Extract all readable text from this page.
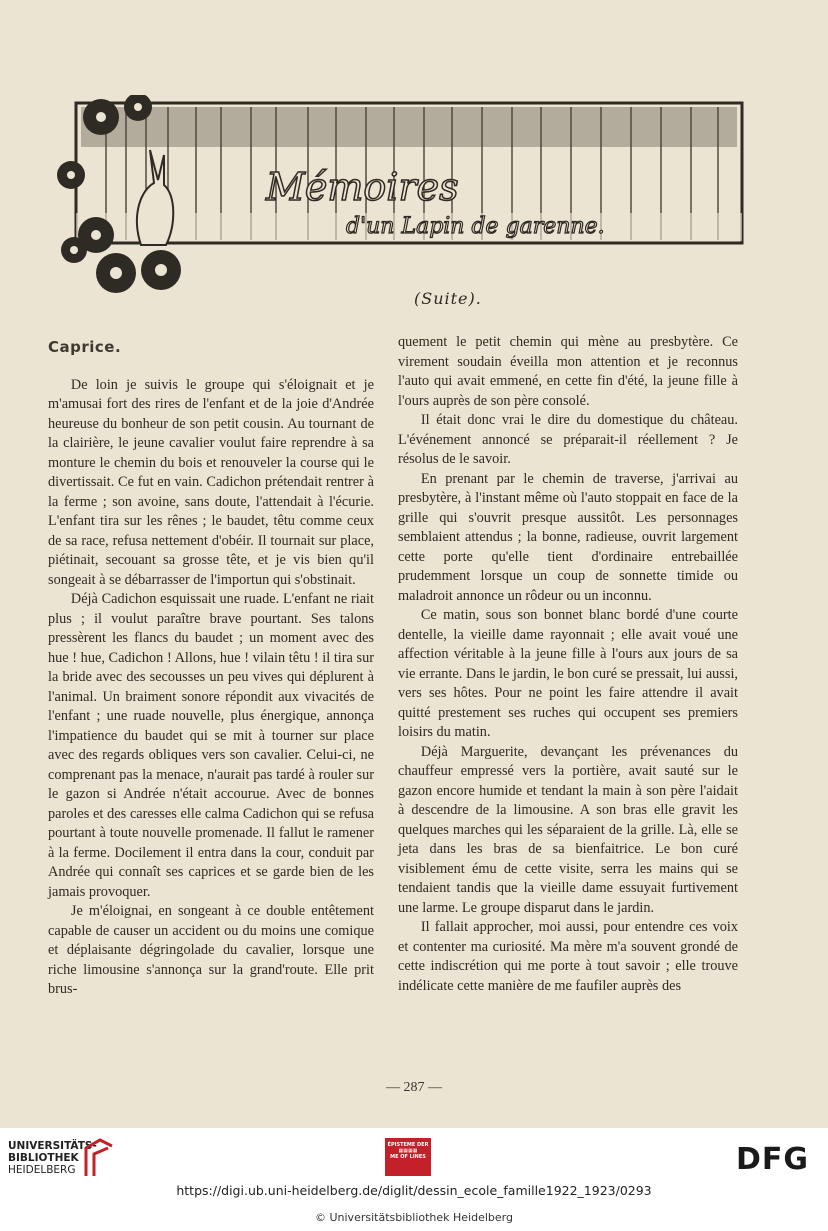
Mémoires
d'un Lapin de garenne.
(Suite).
Caprice.

De loin je suivis le groupe qui s'éloignait et je m'amusai fort des rires de l'enfant et de la joie d'Andrée heureuse du bonheur de son petit cousin. Au tournant de la clairière, le jeune cavalier voulut faire reprendre à sa monture le chemin du bois et renouveler la course qui le divertissait. Ce fut en vain. Cadichon prétendait rentrer à la ferme ; son avoine, sans doute, l'attendait à l'écurie. L'enfant tira sur les rênes ; le baudet, têtu comme ceux de sa race, refusa nettement d'obéir. Il tournait sur place, piétinait, secouant sa grosse tête, et je vis bien qu'il songeait à se débarrasser de l'importun qui s'obstinait.

Déjà Cadichon esquissait une ruade. L'enfant ne riait plus ; il voulut paraître brave pourtant. Ses talons pressèrent les flancs du baudet ; un moment avec des hue ! hue, Cadichon ! Allons, hue ! vilain têtu ! il tira sur la bride avec des secousses un peu vives qui déplurent à l'animal. Un braiment sonore répondit aux vivacités de l'enfant ; une ruade nouvelle, plus énergique, annonça l'impatience du baudet qui se mit à tourner sur place avec des regards obliques vers son cavalier. Celui-ci, ne comprenant pas la menace, n'aurait pas tardé à rouler sur le gazon si Andrée n'était accourue. Avec de bonnes paroles et des caresses elle calma Cadichon qui se refusa pourtant à toute nouvelle promenade. Il fallut le ramener à la ferme. Docilement il entra dans la cour, conduit par Andrée qui connaît ses caprices et se garde bien de les jamais provoquer.

Je m'éloignai, en songeant à ce double entêtement capable de causer un accident ou du moins une comique et déplaisante dégringolade du cavalier, lorsque une riche limousine s'annonça sur la grand'route. Elle prit brus-

quement le petit chemin qui mène au presbytère. Ce virement soudain éveilla mon attention et je reconnus l'auto qui avait emmené, en cette fin d'été, la jeune fille à l'ours auprès de son père consolé.

Il était donc vrai le dire du domestique du château. L'événement annoncé se préparait-il réellement ? Je résolus de le savoir.

En prenant par le chemin de traverse, j'arrivai au presbytère, à l'instant même où l'auto stoppait en face de la grille qui s'ouvrit presque aussitôt. Les personnages semblaient attendus ; la bonne, radieuse, ouvrit largement cette porte qu'elle tient d'ordinaire entrebaillée prudemment lorsque un coup de sonnette timide ou maladroit annonce un rôdeur ou un inconnu.

Ce matin, sous son bonnet blanc bordé d'une courte dentelle, la vieille dame rayonnait ; elle avait voué une affection véritable à la jeune fille à l'ours aux jours de sa vie errante. Dans le jardin, le bon curé se pressait, lui aussi, vers ses hôtes. Pour ne point les faire attendre il avait quitté prestement ses ruches qui occupent ses premiers loisirs du matin.

Déjà Marguerite, devançant les prévenances du chauffeur empressé vers la portière, avait sauté sur le gazon encore humide et tendant la main à son père l'aidait à descendre de la limousine. A son bras elle gravit les quelques marches qui les séparaient de la grille. Là, elle se jeta dans les bras de sa bienfaitrice. Le bon curé visiblement ému de cette visite, serra les mains qui se tendaient tandis que la vieille dame essuyait furtivement une larme. Le groupe disparut dans le jardin.

Il fallait approcher, moi aussi, pour entendre ces voix et contenter ma curiosité. Ma mère m'a souvent grondé de cette indiscrétion qui me porte à tout savoir ; elle trouve indélicate cette manière de me faufiler auprès des

— 287 —
UNIVERSITÄTS-
BIBLIOTHEK
HEIDELBERG
ÉPISTEME DER
▦▦▦▦
ME OF LINES	DFG
https://digi.ub.uni-heidelberg.de/diglit/dessin_ecole_famille1922_1923/0293
© Universitätsbibliothek Heidelberg
